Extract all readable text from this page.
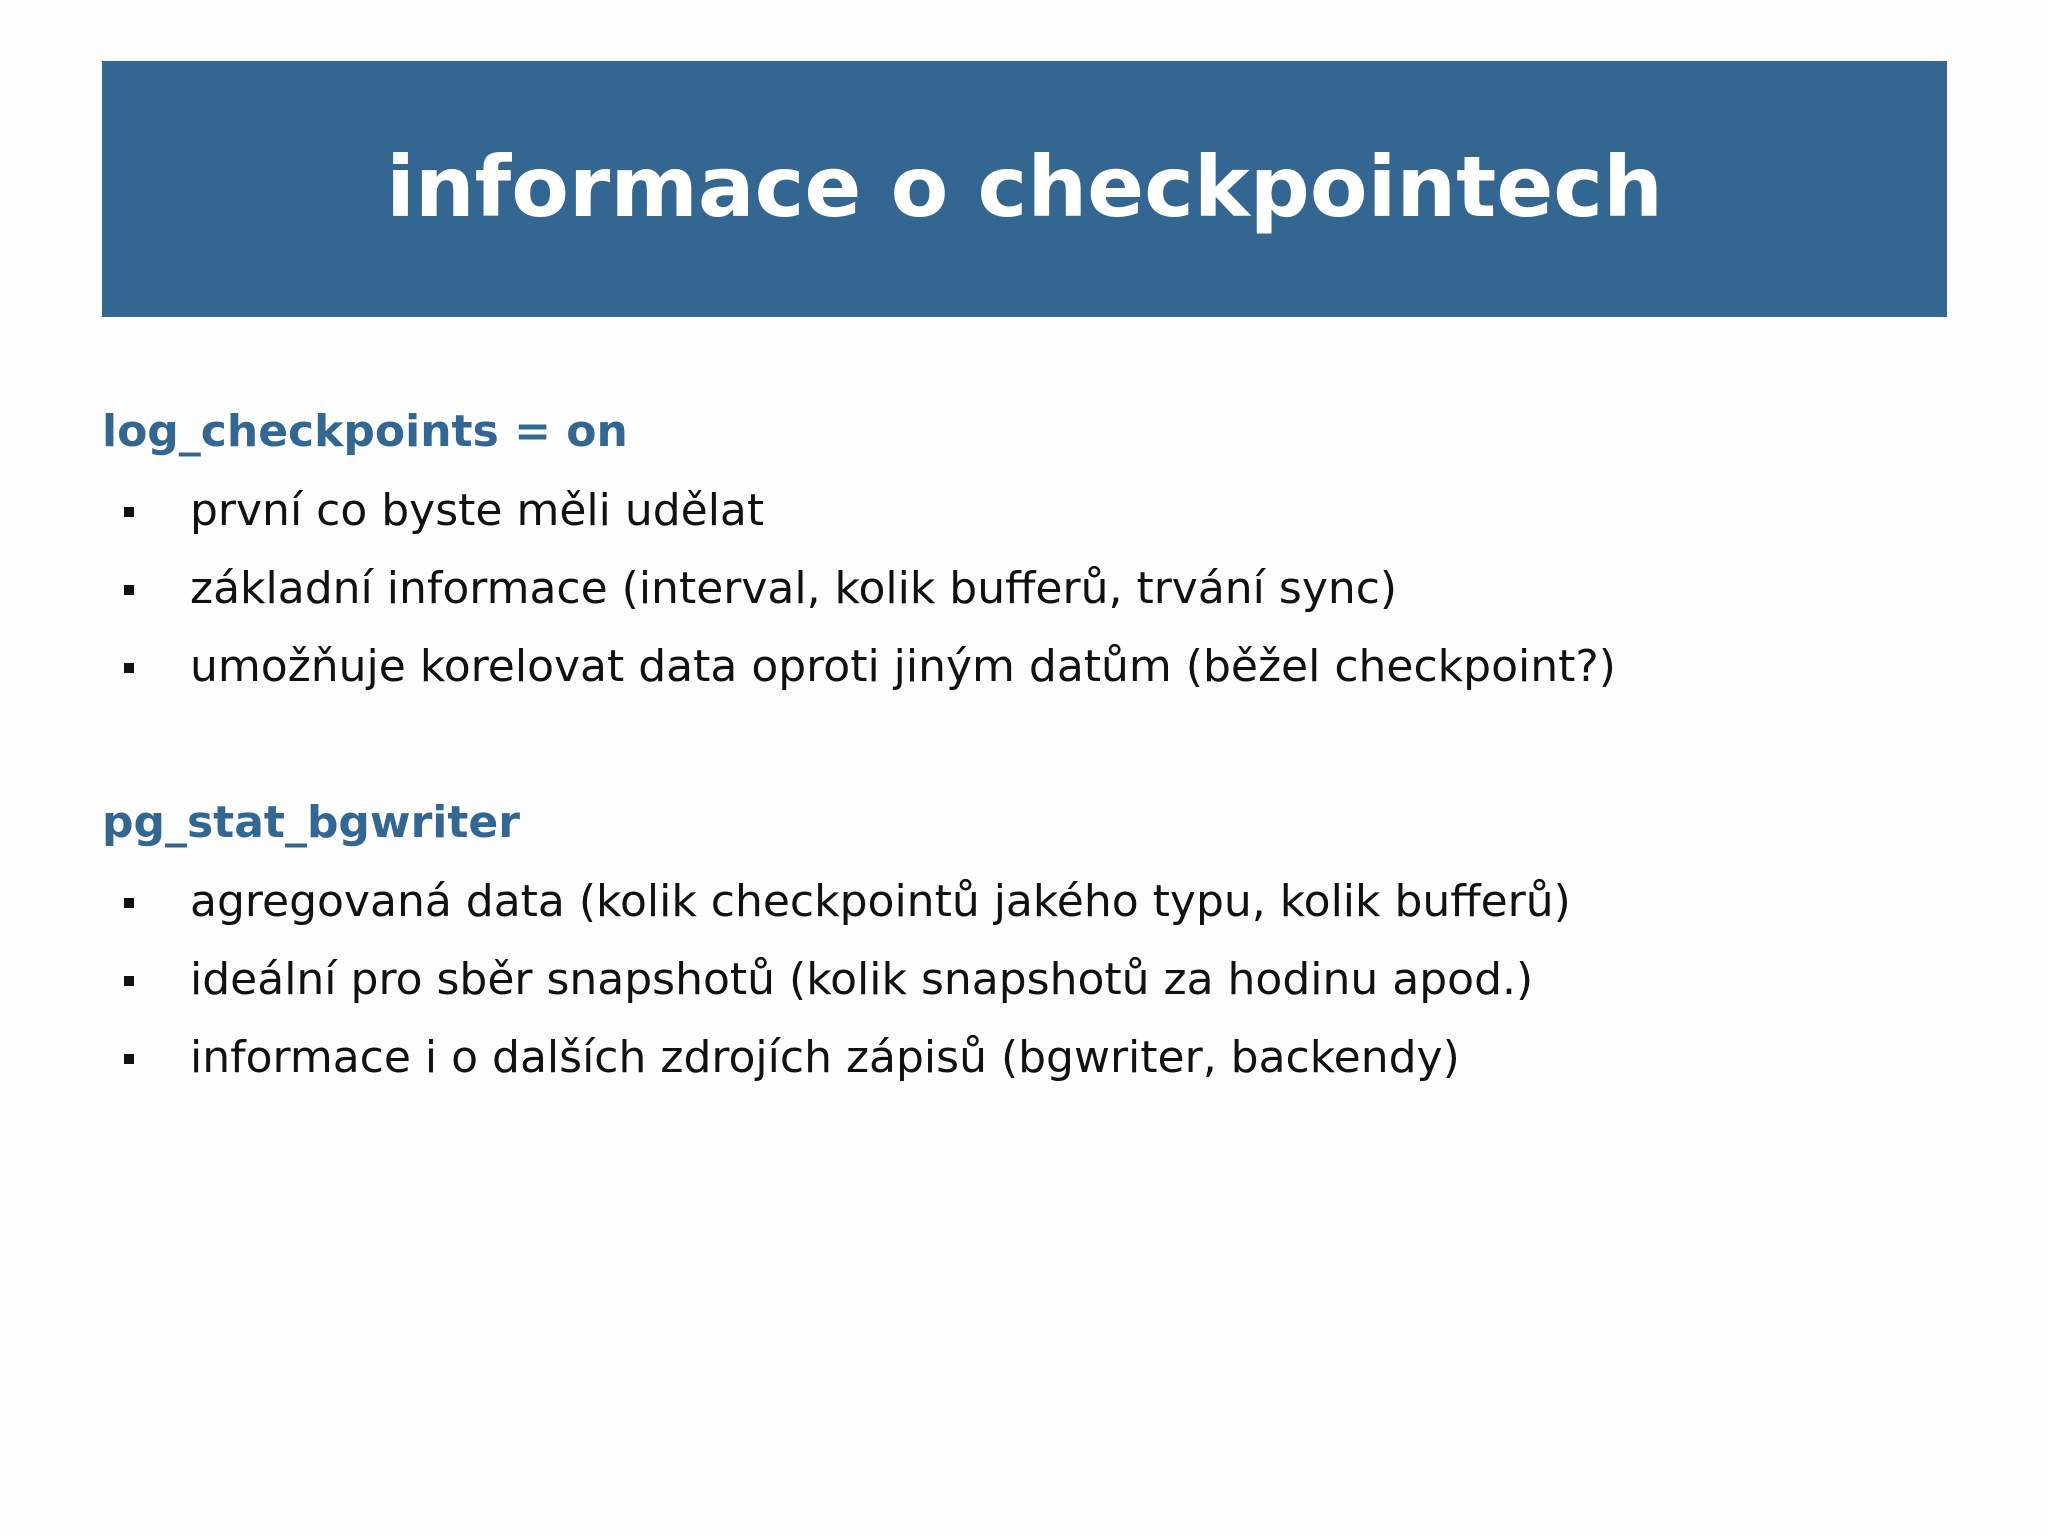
informace o checkpointech
log_checkpoints = on
první co byste měli udělat
základní informace (interval, kolik bufferů, trvání sync)
umožňuje korelovat data oproti jiným datům (běžel checkpoint?)
pg_stat_bgwriter
agregovaná data (kolik checkpointů jakého typu, kolik bufferů)
ideální pro sběr snapshotů (kolik snapshotů za hodinu apod.)
informace i o dalších zdrojích zápisů (bgwriter, backendy)
